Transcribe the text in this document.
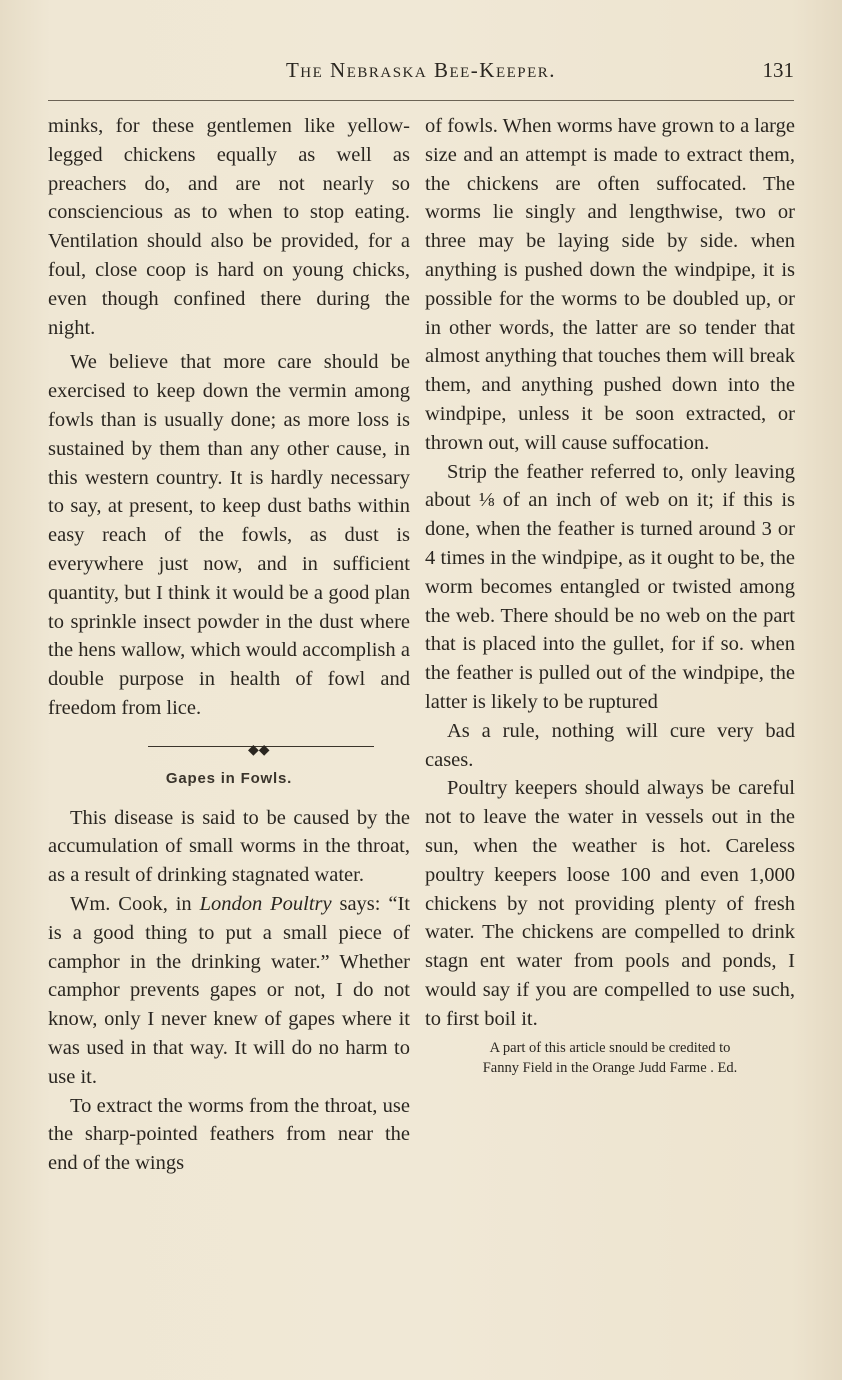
The Nebraska Bee-Keeper.	131

minks, for these gentlemen like yellow-legged chickens equally as well as preachers do, and are not nearly so consciencious as to when to stop eating. Ventilation should also be provided, for a foul, close coop is hard on young chicks, even though confined there during the night.

We believe that more care should be exercised to keep down the vermin among fowls than is usually done; as more loss is sustained by them than any other cause, in this western country. It is hardly necessary to say, at present, to keep dust baths within easy reach of the fowls, as dust is everywhere just now, and in sufficient quantity, but I think it would be a good plan to sprinkle insect powder in the dust where the hens wallow, which would accomplish a double purpose in health of fowl and freedom from lice.

◆◆
Gapes in Fowls.

This disease is said to be caused by the accumulation of small worms in the throat, as a result of drinking stagnated water.

Wm. Cook, in London Poultry says: “It is a good thing to put a small piece of camphor in the drinking water.” Whether camphor prevents gapes or not, I do not know, only I never knew of gapes where it was used in that way. It will do no harm to use it.

To extract the worms from the throat, use the sharp-pointed feathers from near the end of the wings

of fowls. When worms have grown to a large size and an attempt is made to extract them, the chickens are often suffocated. The worms lie singly and lengthwise, two or three may be laying side by side. when anything is pushed down the windpipe, it is possible for the worms to be doubled up, or in other words, the latter are so tender that almost anything that touches them will break them, and anything pushed down into the windpipe, unless it be soon extracted, or thrown out, will cause suffocation.

Strip the feather referred to, only leaving about ⅛ of an inch of web on it; if this is done, when the feather is turned around 3 or 4 times in the windpipe, as it ought to be, the worm becomes entangled or twisted among the web. There should be no web on the part that is placed into the gullet, for if so. when the feather is pulled out of the windpipe, the latter is likely to be ruptured

As a rule, nothing will cure very bad cases.

Poultry keepers should always be careful not to leave the water in vessels out in the sun, when the weather is hot. Careless poultry keepers loose 100 and even 1,000 chickens by not providing plenty of fresh water. The chickens are compelled to drink stagn ent water from pools and ponds, I would say if you are compelled to use such, to first boil it.

A part of this article snould be credited to
Fanny Field in the Orange Judd Farme . Ed.
